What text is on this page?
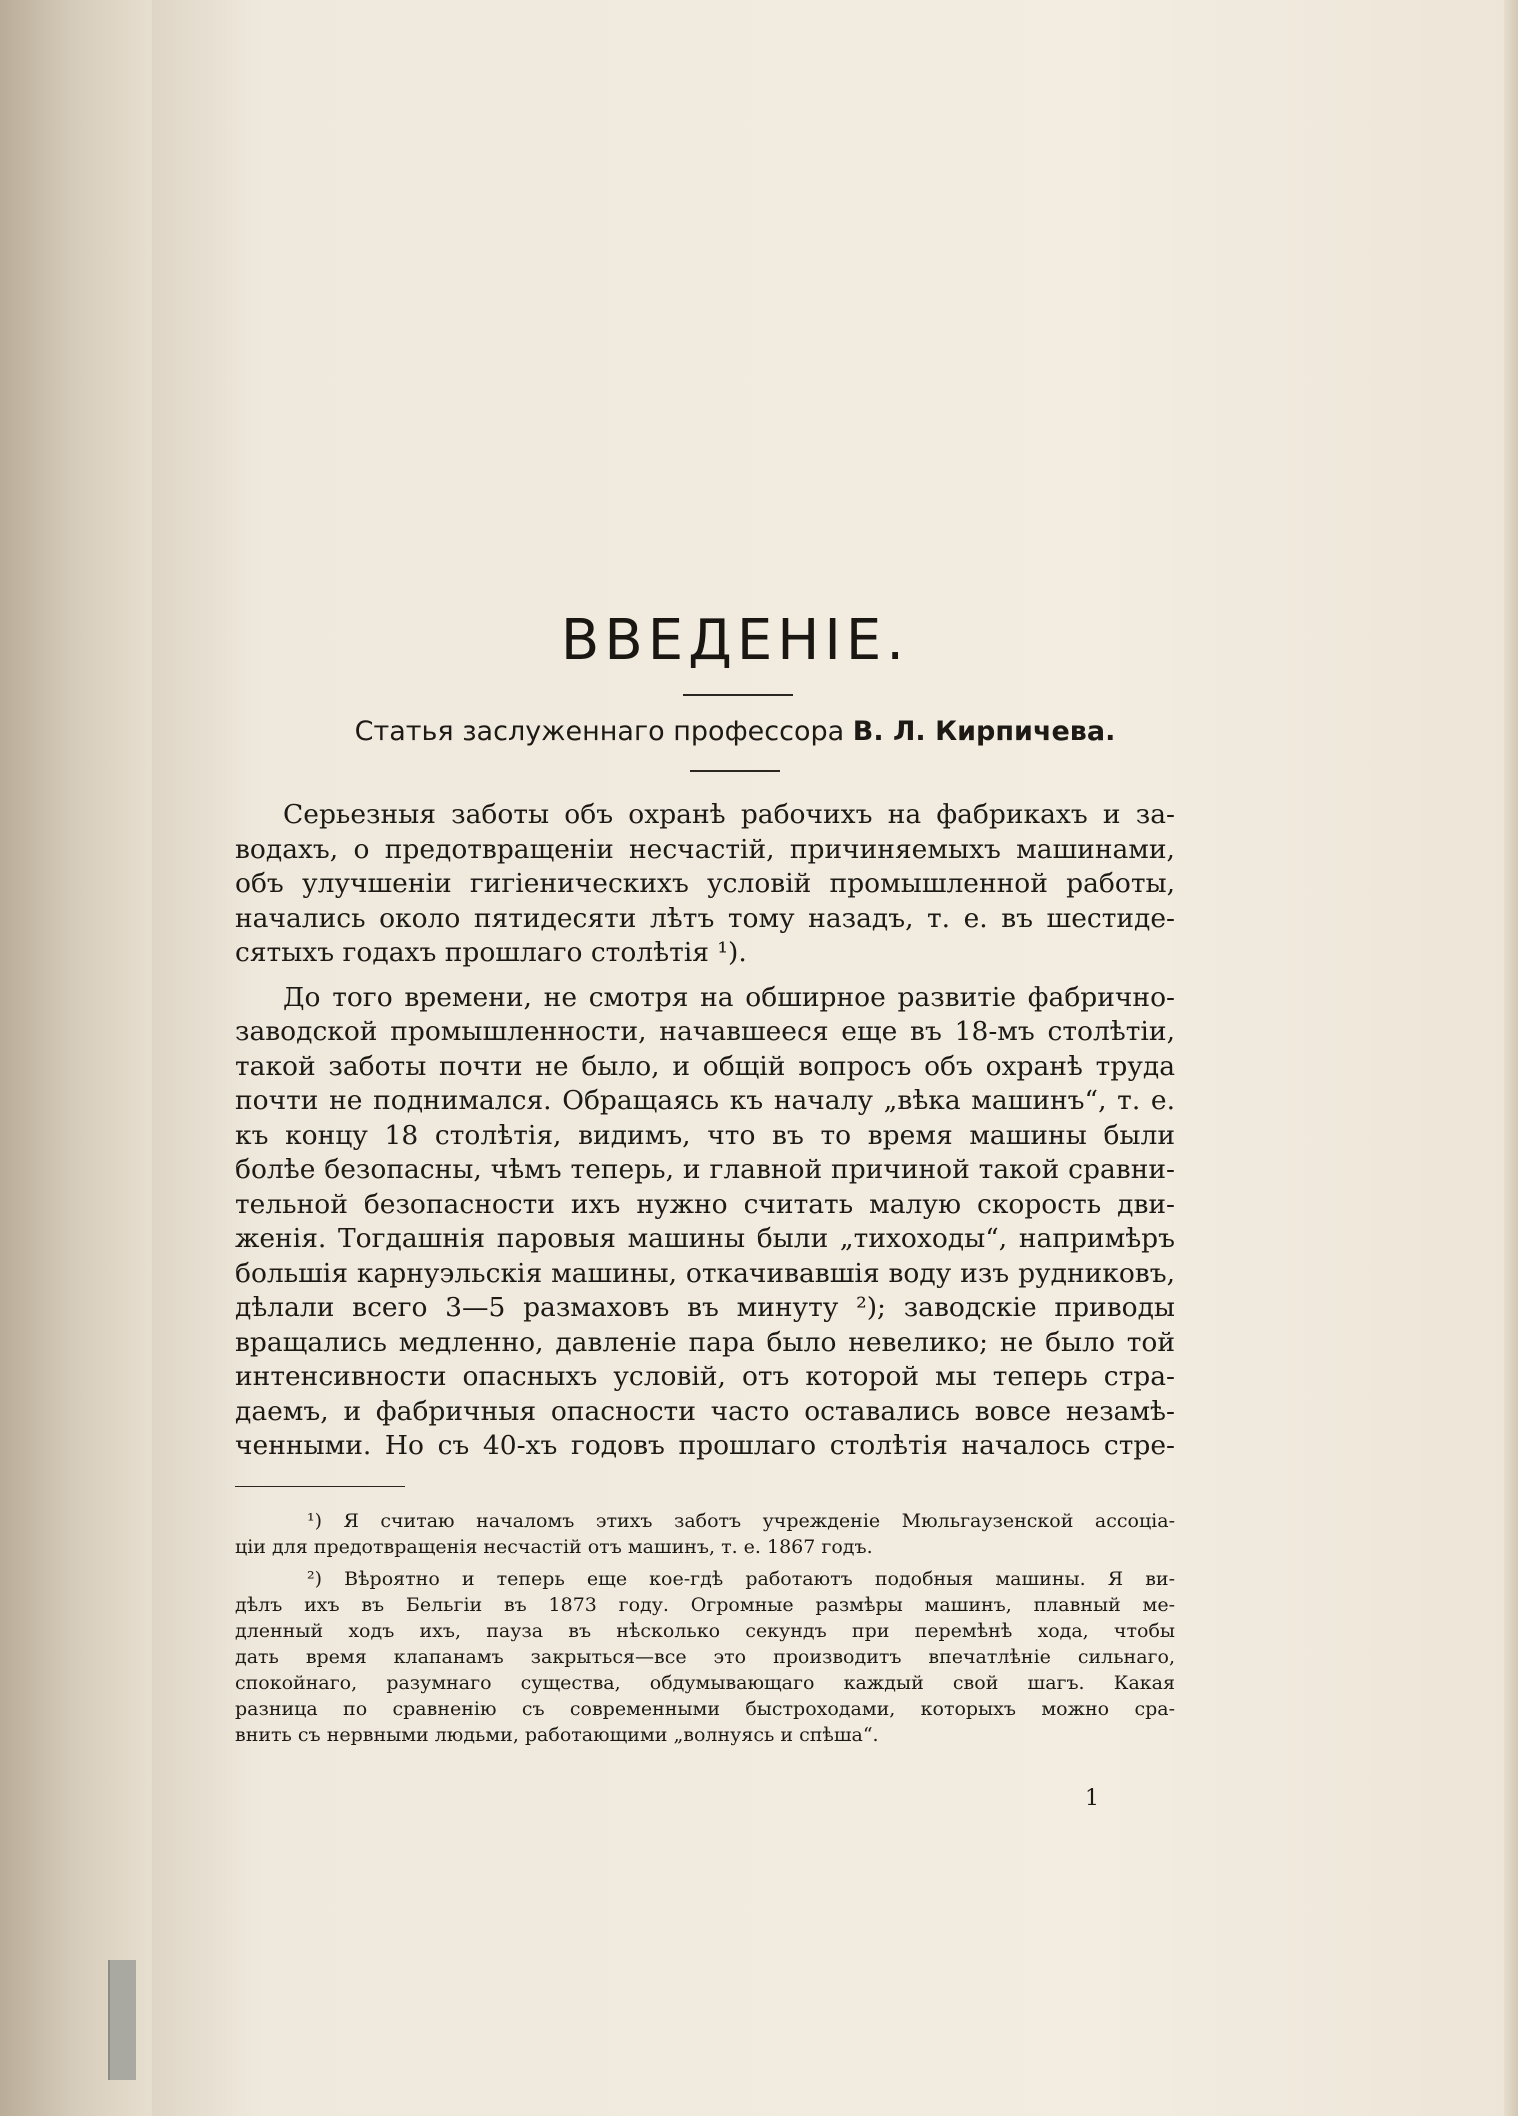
ВВЕДЕНІЕ.
Статья заслуженнаго профессора В. Л. Кирпичева.
Серьезныя заботы объ охранѣ рабочихъ на фабрикахъ и за-
водахъ, о предотвращеніи несчастій, причиняемыхъ машинами,
объ улучшеніи гигіеническихъ условій промышленной работы,
начались около пятидесяти лѣтъ тому назадъ, т. е. въ шестиде-
сятыхъ годахъ прошлаго столѣтія ¹).
До того времени, не смотря на обширное развитіе фабрично-
заводской промышленности, начавшееся еще въ 18-мъ столѣтіи,
такой заботы почти не было, и общій вопросъ объ охранѣ труда
почти не поднимался. Обращаясь къ началу „вѣка машинъ“, т. е.
къ концу 18 столѣтія, видимъ, что въ то время машины были
болѣе безопасны, чѣмъ теперь, и главной причиной такой сравни-
тельной безопасности ихъ нужно считать малую скорость дви-
женія. Тогдашнія паровыя машины были „тихоходы“, напримѣръ
большія карнуэльскія машины, откачивавшія воду изъ рудниковъ,
дѣлали всего 3—5 размаховъ въ минуту ²); заводскіе приводы
вращались медленно, давленіе пара было невелико; не было той
интенсивности опасныхъ условій, отъ которой мы теперь стра-
даемъ, и фабричныя опасности часто оставались вовсе незамѣ-
ченными. Но съ 40-хъ годовъ прошлаго столѣтія началось стре-
¹) Я считаю началомъ этихъ заботъ учрежденіе Мюльгаузенской ассоціа-
ціи для предотвращенія несчастій отъ машинъ, т. е. 1867 годъ.
²) Вѣроятно и теперь еще кое-гдѣ работаютъ подобныя машины. Я ви-
дѣлъ ихъ въ Бельгіи въ 1873 году. Огромные размѣры машинъ, плавный ме-
дленный ходъ ихъ, пауза въ нѣсколько секундъ при перемѣнѣ хода, чтобы
дать время клапанамъ закрыться—все это производитъ впечатлѣніе сильнаго,
спокойнаго, разумнаго существа, обдумывающаго каждый свой шагъ. Какая
разница по сравненію съ современными быстроходами, которыхъ можно сра-
внить съ нервными людьми, работающими „волнуясь и спѣша“.
1
